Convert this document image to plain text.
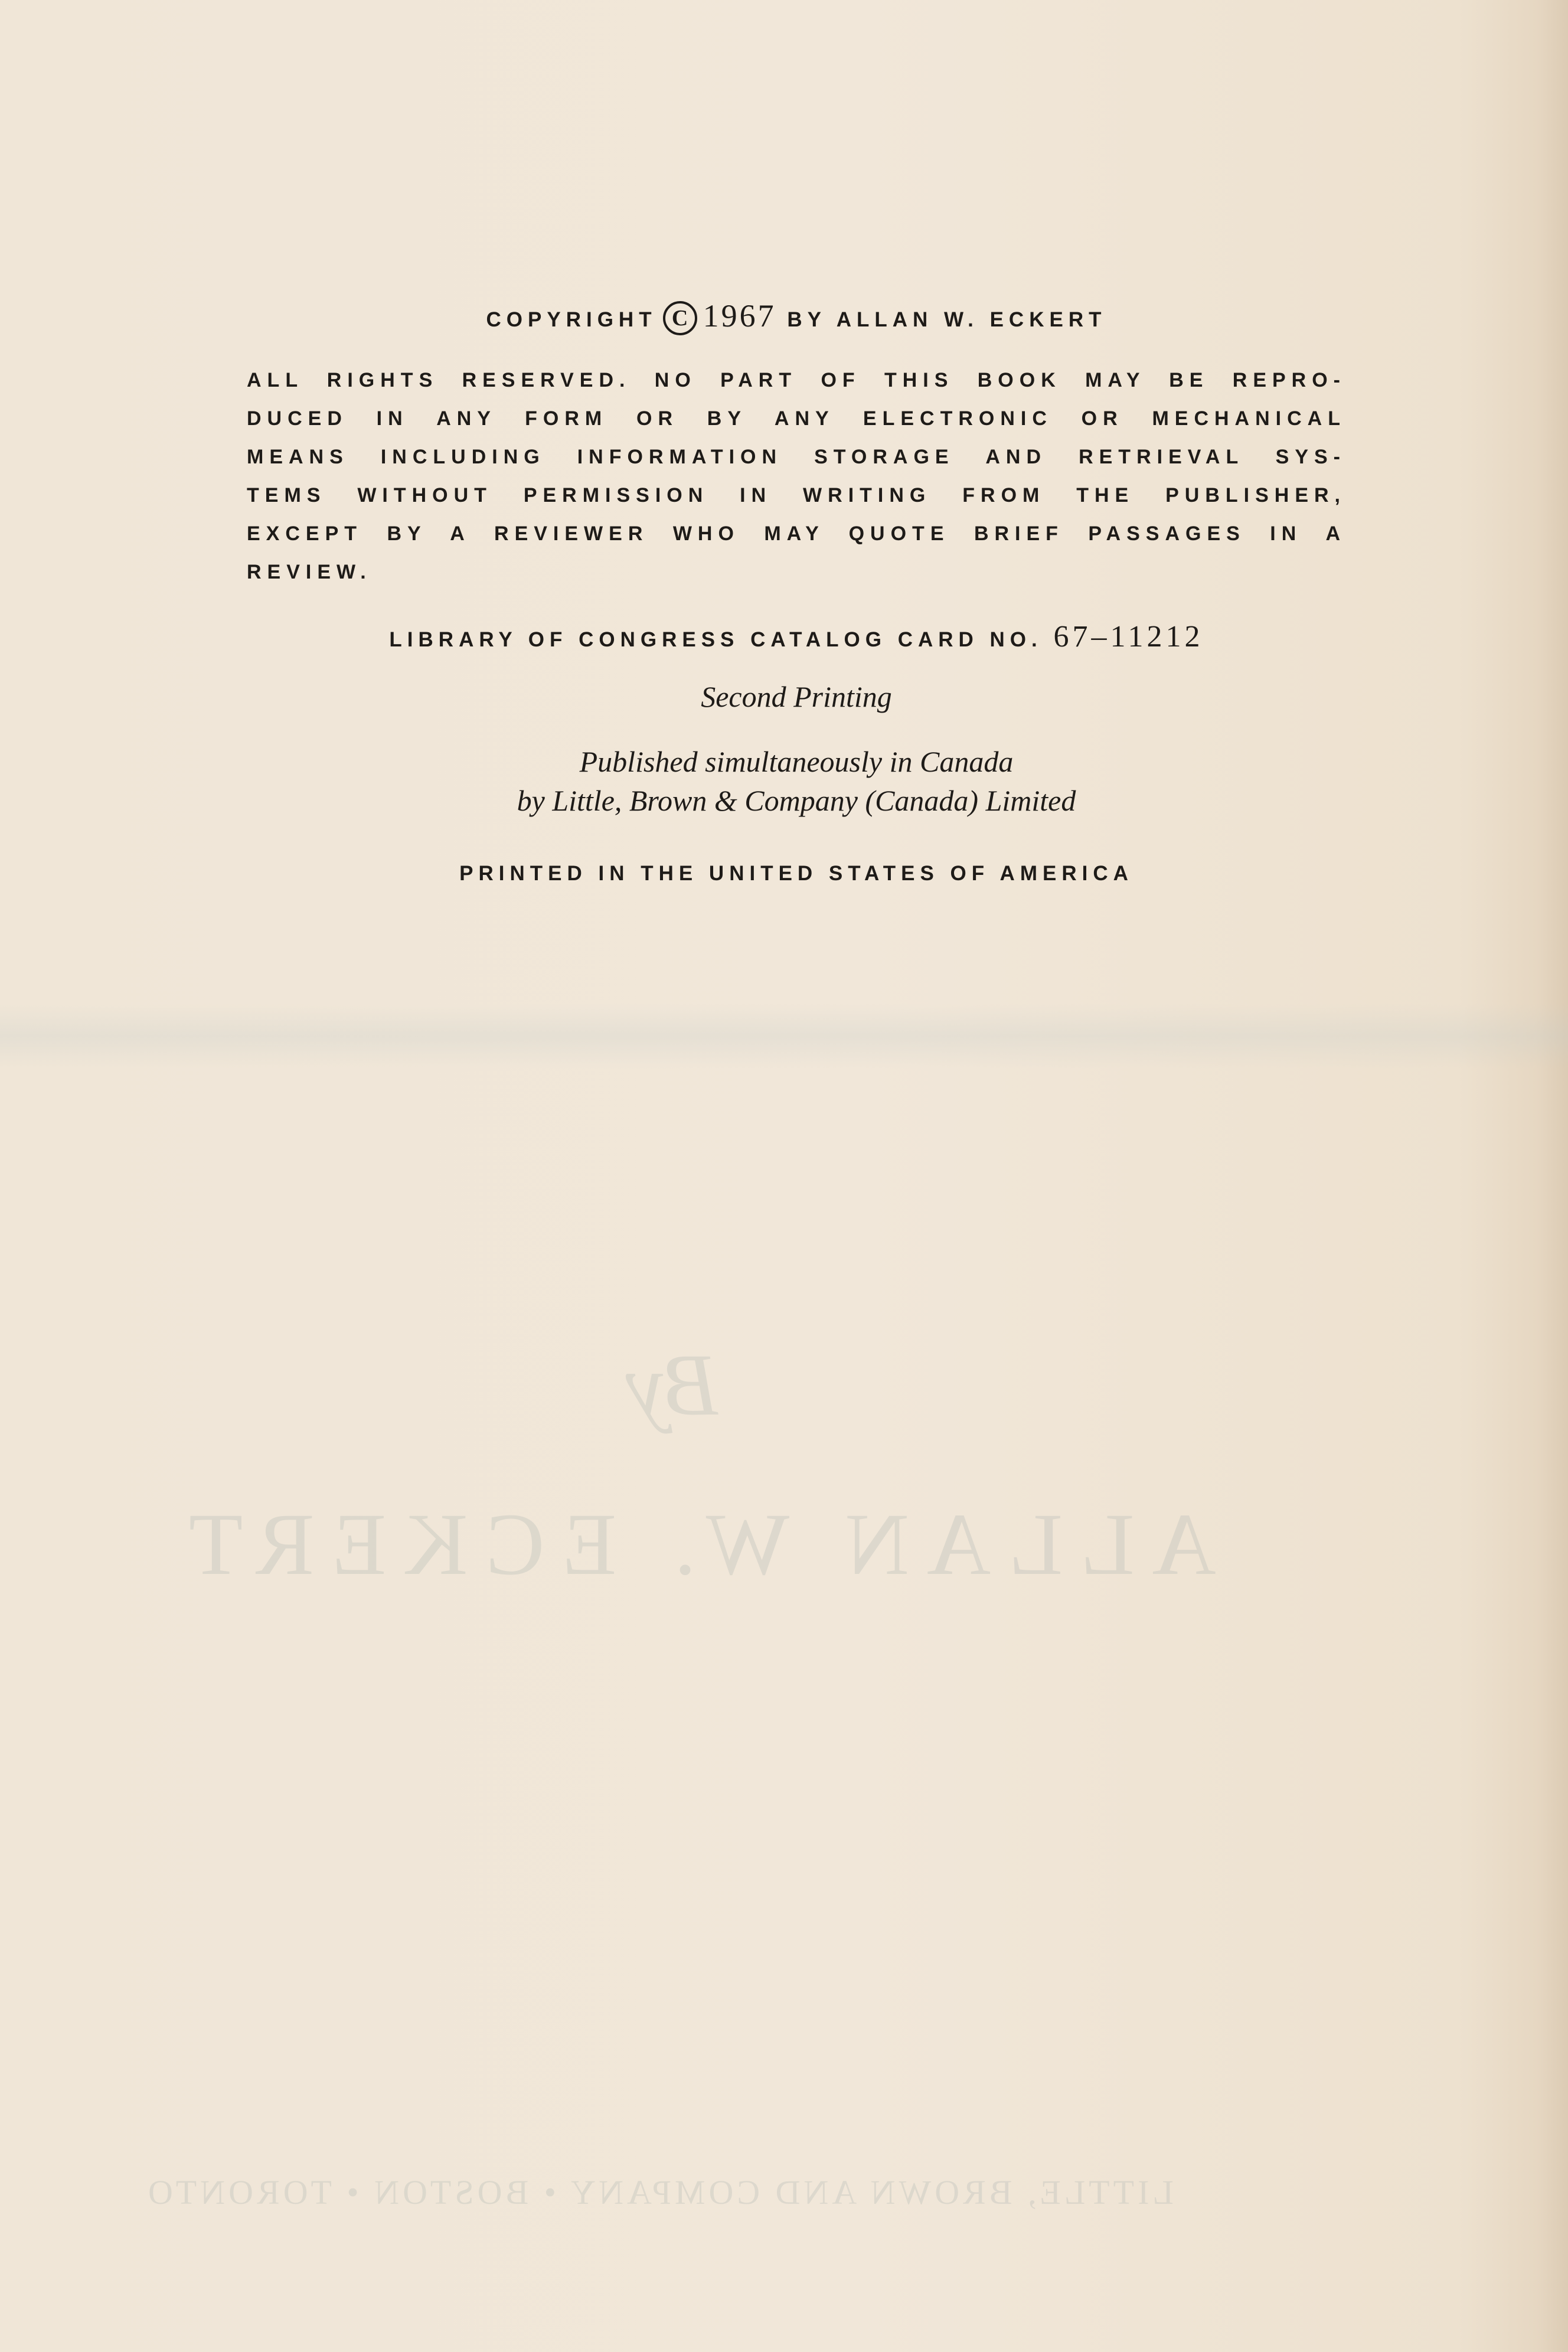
By
ALLAN W. ECKERT
LITTLE, BROWN AND COMPANY • BOSTON • TORONTO
COPYRIGHT C 1967 BY ALLAN W. ECKERT
ALL RIGHTS RESERVED. NO PART OF THIS BOOK MAY BE REPRO-
DUCED IN ANY FORM OR BY ANY ELECTRONIC OR MECHANICAL
MEANS INCLUDING INFORMATION STORAGE AND RETRIEVAL SYS-
TEMS WITHOUT PERMISSION IN WRITING FROM THE PUBLISHER,
EXCEPT BY A REVIEWER WHO MAY QUOTE BRIEF PASSAGES IN A
REVIEW.
LIBRARY OF CONGRESS CATALOG CARD NO. 67–11212
Second Printing
Published simultaneously in Canada
by Little, Brown & Company (Canada) Limited
PRINTED IN THE UNITED STATES OF AMERICA
